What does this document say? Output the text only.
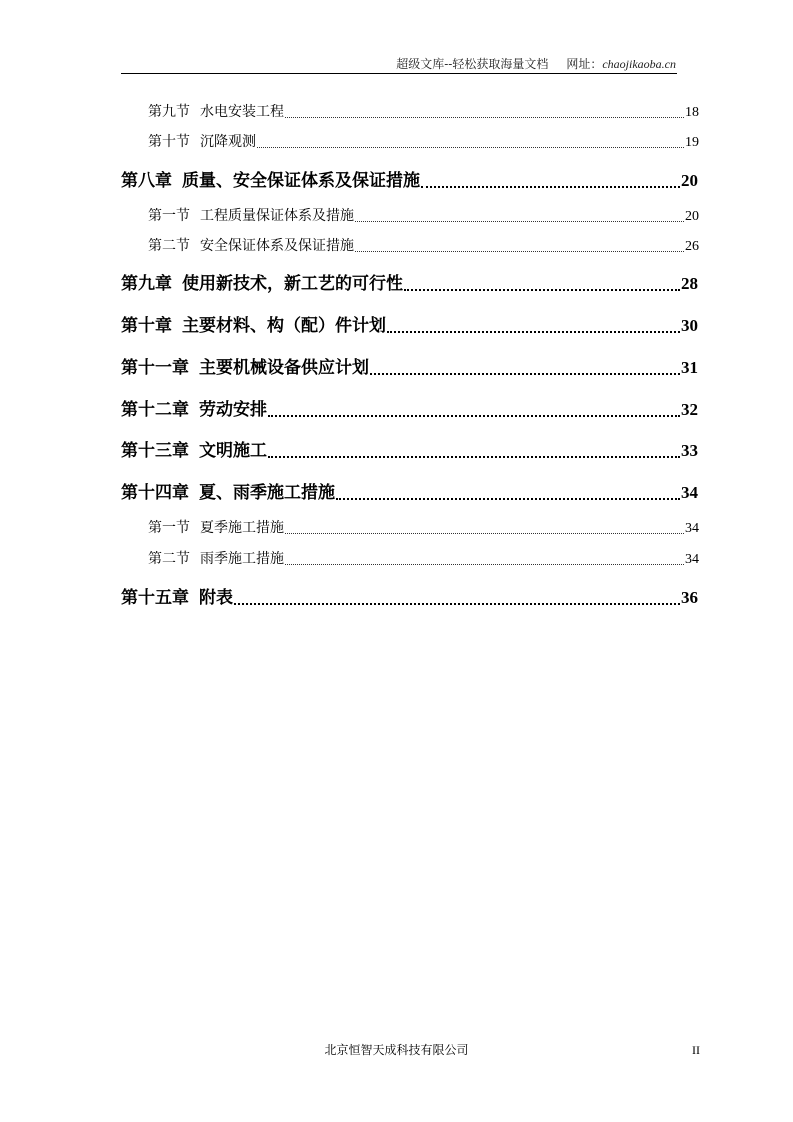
超级文库--轻松获取海量文档 网址：chaojikaoba.cn
第九节 水电安装工程	18
第十节 沉降观测	19
第八章 质量、安全保证体系及保证措施	20
第一节 工程质量保证体系及措施	20
第二节 安全保证体系及保证措施	26
第九章 使用新技术，新工艺的可行性	28
第十章 主要材料、构（配）件计划	30
第十一章 主要机械设备供应计划	31
第十二章 劳动安排	32
第十三章 文明施工	33
第十四章 夏、雨季施工措施	34
第一节 夏季施工措施	34
第二节 雨季施工措施	34
第十五章 附表	36
北京恒智天成科技有限公司	II
